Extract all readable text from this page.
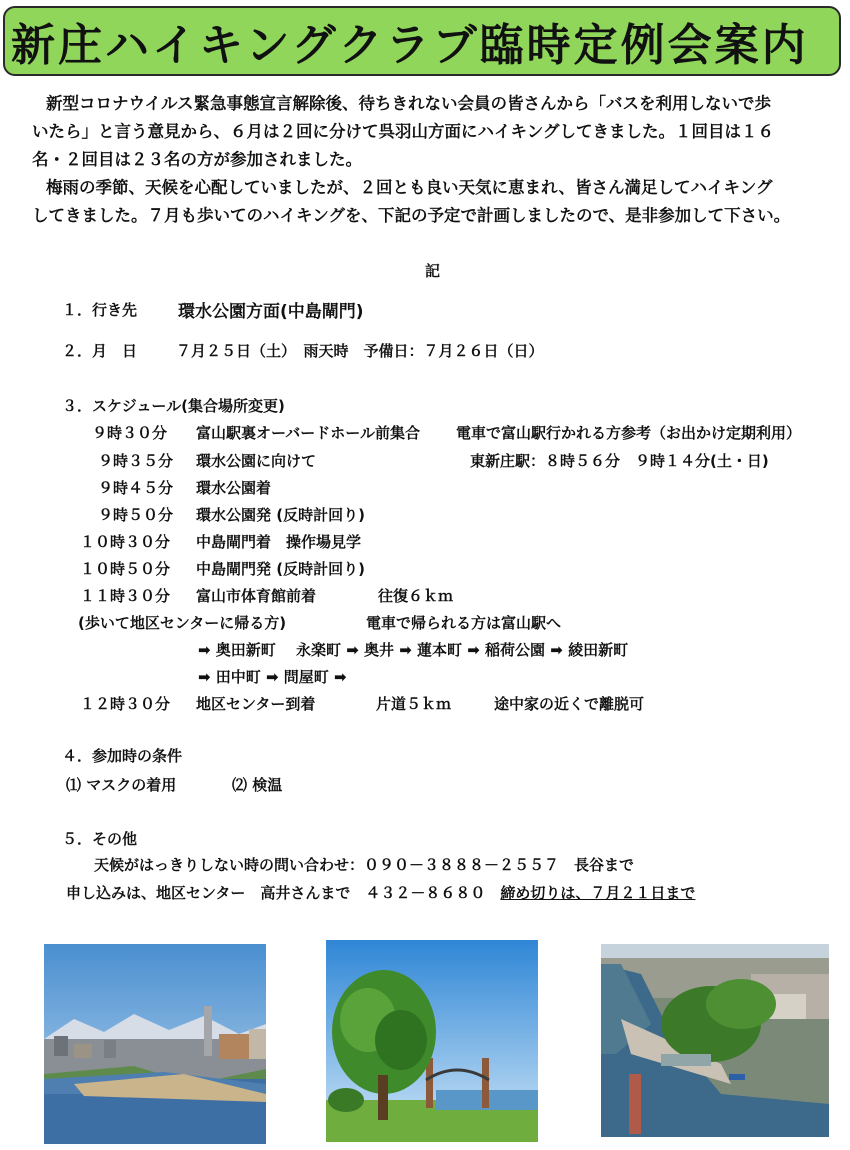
新庄ハイキングクラブ臨時定例会案内
新型コロナウイルス緊急事態宣言解除後、待ちきれない会員の皆さんから「バスを利用しないで歩
いたら」と言う意見から、６月は２回に分けて呉羽山方面にハイキングしてきました。１回目は１６
名・２回目は２３名の方が参加されました。
梅雨の季節、天候を心配していましたが、２回とも良い天気に恵まれ、皆さん満足してハイキング
してきました。７月も歩いてのハイキングを、下記の予定で計画しましたので、是非参加して下さい。
記
１．行き先 環水公園方面(中島閘門)
２．月　日	７月２５日（土）　雨天時　予備日：７月２６日（日）
３．スケジュール(集合場所変更)
９時３０分 富山駅裏オーバードホール前集合 電車で富山駅行かれる方参考（お出かけ定期利用）
９時３５分 環水公園に向けて	東新庄駅：８時５６分　９時１４分(土・日)
９時４５分 環水公園着
９時５０分 環水公園発 (反時計回り)
１０時３０分 中島閘門着　操作場見学
１０時５０分 中島閘門発 (反時計回り)
１１時３０分 富山市体育館前着	往復６ｋｍ
(歩いて地区センターに帰る方)	電車で帰られる方は富山駅へ
➡ 奥田新町　 永楽町 ➡ 奥井 ➡ 蓮本町 ➡ 稲荷公園 ➡ 綾田新町
➡ 田中町 ➡ 問屋町 ➡
１２時３０分 地区センター到着	片道５ｋｍ	途中家の近くで離脱可
４．参加時の条件
⑴ マスクの着用	⑵ 検温
５．その他
天候がはっきりしない時の問い合わせ：０９０－３８８８－２５５７　長谷まで
申し込みは、地区センター　高井さんまで　４３２－８６８０　締め切りは、７月２１日まで
